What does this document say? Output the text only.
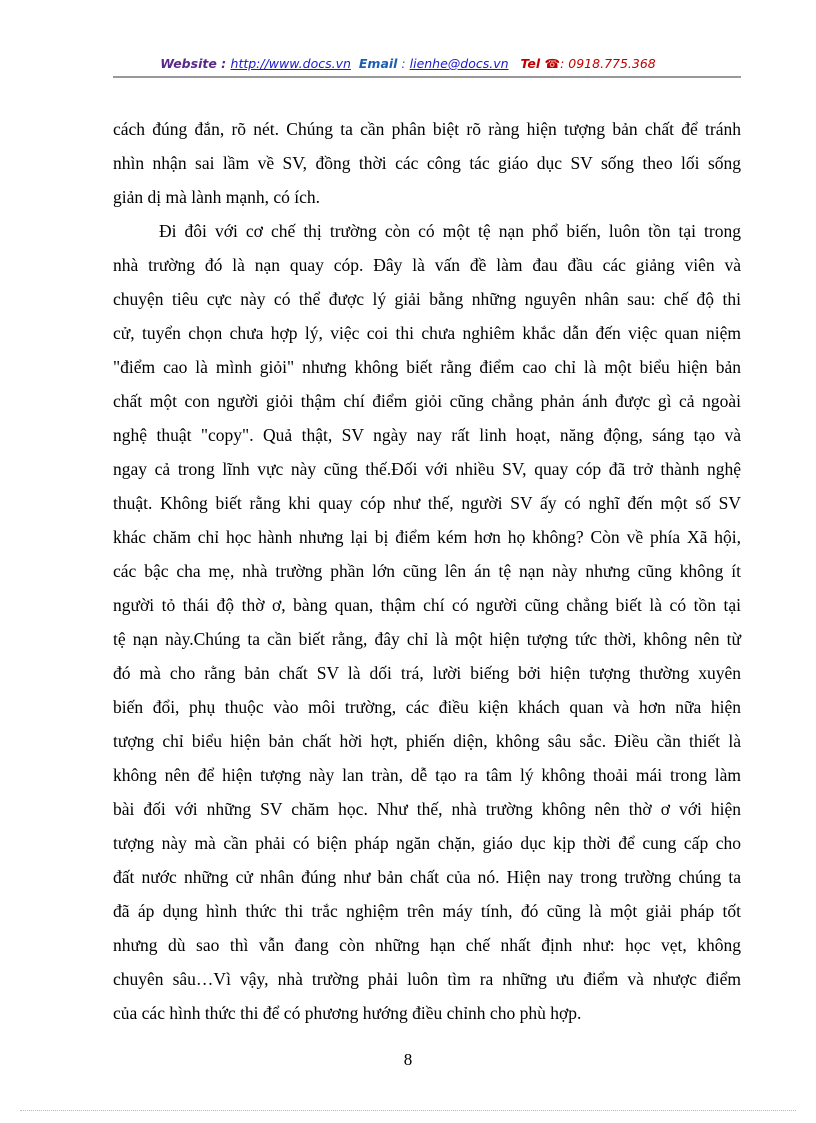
Website : http://www.docs.vn Email : lienhe@docs.vn Tel ☎: 0918.775.368
cách đúng đắn, rõ nét. Chúng ta cần phân biệt rõ ràng hiện tượng bản chất để tránh
nhìn nhận sai lầm về SV, đồng thời các công tác giáo dục SV sống theo lối sống
giản dị mà lành mạnh, có ích.
Đi đôi với cơ chế thị trường còn có một tệ nạn phổ biến, luôn tồn tại trong
nhà trường đó là nạn quay cóp. Đây là vấn đề làm đau đầu các giảng viên và
chuyện tiêu cực này có thể được lý giải bằng những nguyên nhân sau: chế độ thi
cử, tuyển chọn chưa hợp lý, việc coi thi chưa nghiêm khắc dẫn đến việc quan niệm
"điểm cao là mình giỏi" nhưng không biết rằng điểm cao chỉ là một biểu hiện bản
chất một con người giỏi thậm chí điểm giỏi cũng chẳng phản ánh được gì cả ngoài
nghệ thuật "copy". Quả thật, SV ngày nay rất linh hoạt, năng động, sáng tạo và
ngay cả trong lĩnh vực này cũng thế.Đối với nhiều SV, quay cóp đã trở thành nghệ
thuật. Không biết rằng khi quay cóp như thế, người SV ấy có nghĩ đến một số SV
khác chăm chỉ học hành nhưng lại bị điểm kém hơn họ không? Còn về phía Xã hội,
các bậc cha mẹ, nhà trường phần lớn cũng lên án tệ nạn này nhưng cũng không ít
người tỏ thái độ thờ ơ, bàng quan, thậm chí có người cũng chẳng biết là có tồn tại
tệ nạn này.Chúng ta cần biết rằng, đây chỉ là một hiện tượng tức thời, không nên từ
đó mà cho rằng bản chất SV là dối trá, lười biếng bởi hiện tượng thường xuyên
biến đổi, phụ thuộc vào môi trường, các điều kiện khách quan và hơn nữa hiện
tượng chỉ biểu hiện bản chất hời hợt, phiến diện, không sâu sắc. Điều cần thiết là
không nên để hiện tượng này lan tràn, dễ tạo ra tâm lý không thoải mái trong làm
bài đối với những SV chăm học. Như thế, nhà trường không nên thờ ơ với hiện
tượng này mà cần phải có biện pháp ngăn chặn, giáo dục kịp thời để cung cấp cho
đất nước những cử nhân đúng như bản chất của nó. Hiện nay trong trường chúng ta
đã áp dụng hình thức thi trắc nghiệm trên máy tính, đó cũng là một giải pháp tốt
nhưng dù sao thì vẫn đang còn những hạn chế nhất định như: học vẹt, không
chuyên sâu…Vì vậy, nhà trường phải luôn tìm ra những ưu điểm và nhược điểm
của các hình thức thi để có phương hướng điều chỉnh cho phù hợp.
8
